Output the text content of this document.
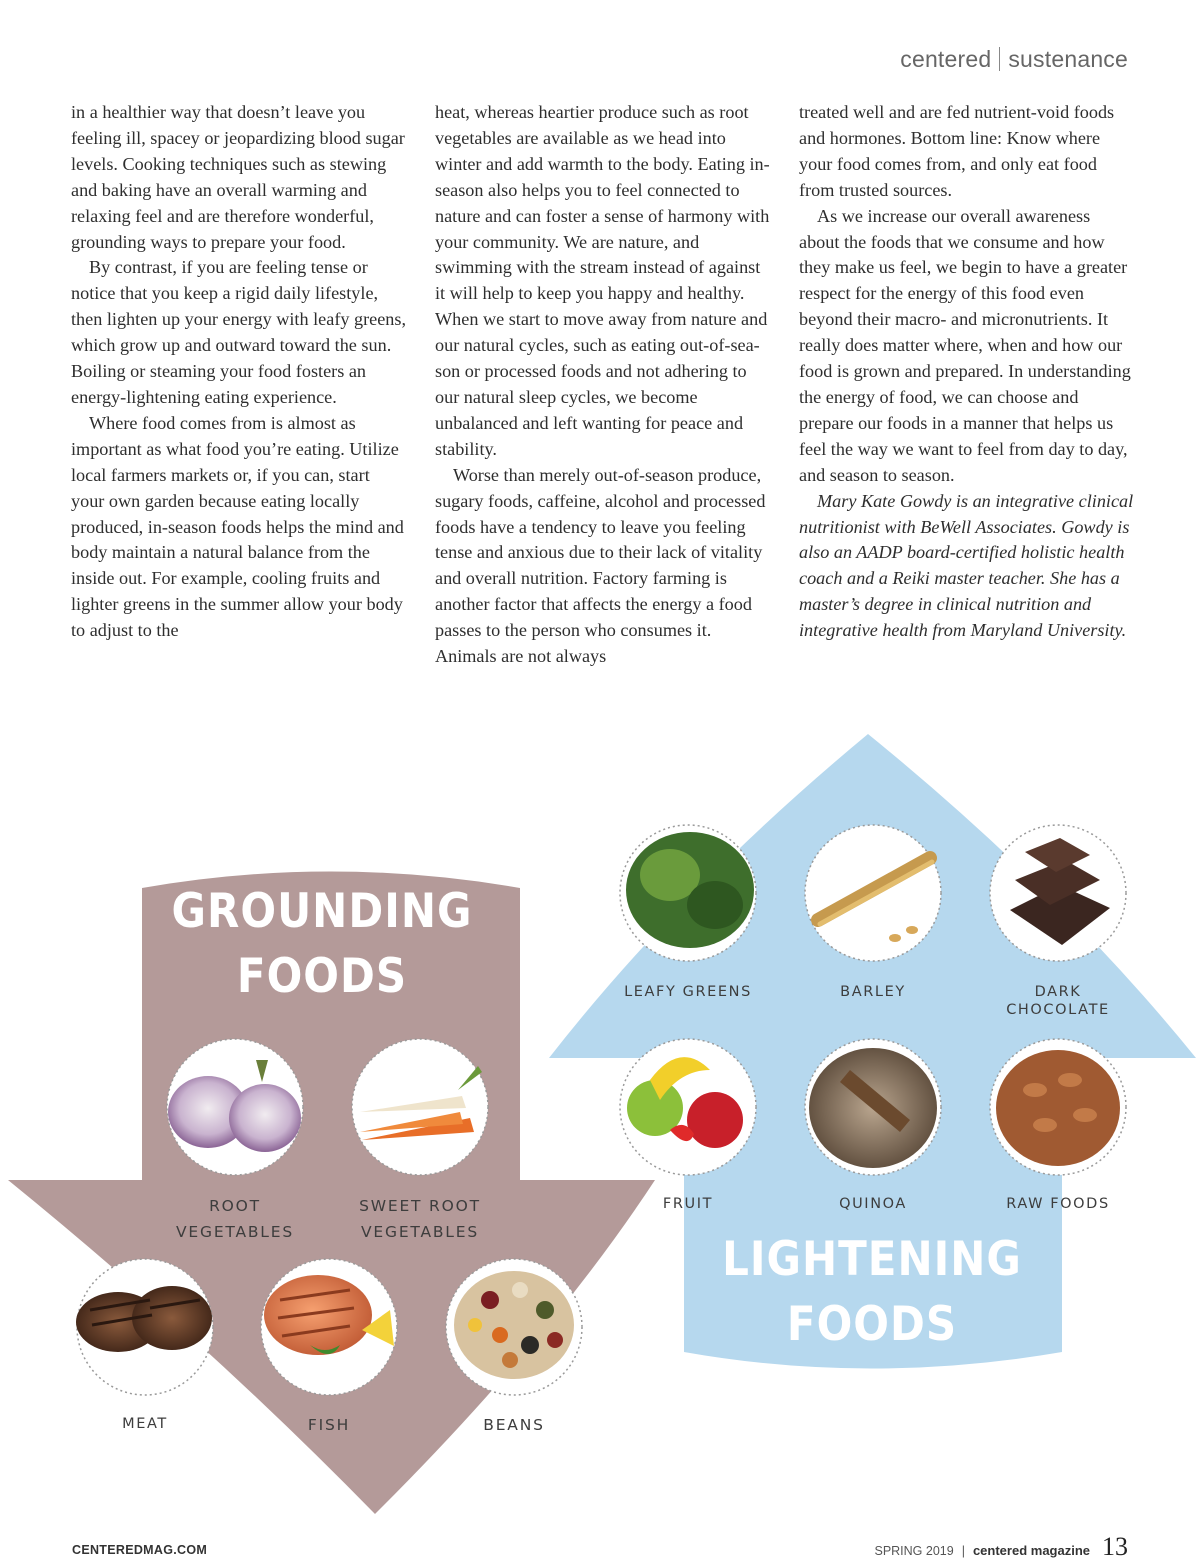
centered sustenance

in a healthier way that doesn’t leave you feeling ill, spacey or jeopardizing blood sugar levels. Cooking techniques such as stewing and baking have an overall warming and relaxing feel and are therefore wonderful, grounding ways to prepare your food.

By contrast, if you are feeling tense or notice that you keep a rigid daily lifestyle, then lighten up your energy with leafy greens, which grow up and outward toward the sun. Boiling or steaming your food fosters an energy-lightening eating experience.

Where food comes from is almost as important as what food you’re eating. Utilize local farmers markets or, if you can, start your own garden because eating locally produced, in-season foods helps the mind and body maintain a natural balance from the inside out. For example, cooling fruits and lighter greens in the summer allow your body to adjust to the

heat, whereas heartier produce such as root vegetables are available as we head into winter and add warmth to the body. Eating in-season also helps you to feel connected to nature and can foster a sense of harmony with your community. We are nature, and swimming with the stream instead of against it will help to keep you happy and healthy. When we start to move away from nature and our natural cycles, such as eating out-of-season or processed foods and not adhering to our natural sleep cycles, we become unbalanced and left wanting for peace and stability.

Worse than merely out-of-season produce, sugary foods, caffeine, alcohol and processed foods have a tendency to leave you feeling tense and anxious due to their lack of vitality and overall nutrition. Factory farming is another factor that affects the energy a food passes to the person who consumes it. Animals are not always

treated well and are fed nutrient-void foods and hormones. Bottom line: Know where your food comes from, and only eat food from trusted sources.

As we increase our overall awareness about the foods that we consume and how they make us feel, we begin to have a greater respect for the energy of this food even beyond their macro- and micronutrients. It really does matter where, when and how our food is grown and prepared. In understanding the energy of food, we can choose and prepare our foods in a manner that helps us feel the way we want to feel from day to day, and season to season.

Mary Kate Gowdy is an integrative clinical nutritionist with BeWell Associates. Gowdy is also an AADP board-certified holistic health coach and a Reiki master teacher. She has a master’s degree in clinical nutrition and integrative health from Maryland University.

GROUNDING
FOODS
LIGHTENING
FOODS
ROOT
VEGETABLES
SWEET ROOT
VEGETABLES
MEAT	FISH	BEANS
LEAFY GREENS	BARLEY	DARK
CHOCOLATE
FRUIT	QUINOA	RAW FOODS
CENTEREDMAG.COM	SPRING 2019 | centered magazine 13
